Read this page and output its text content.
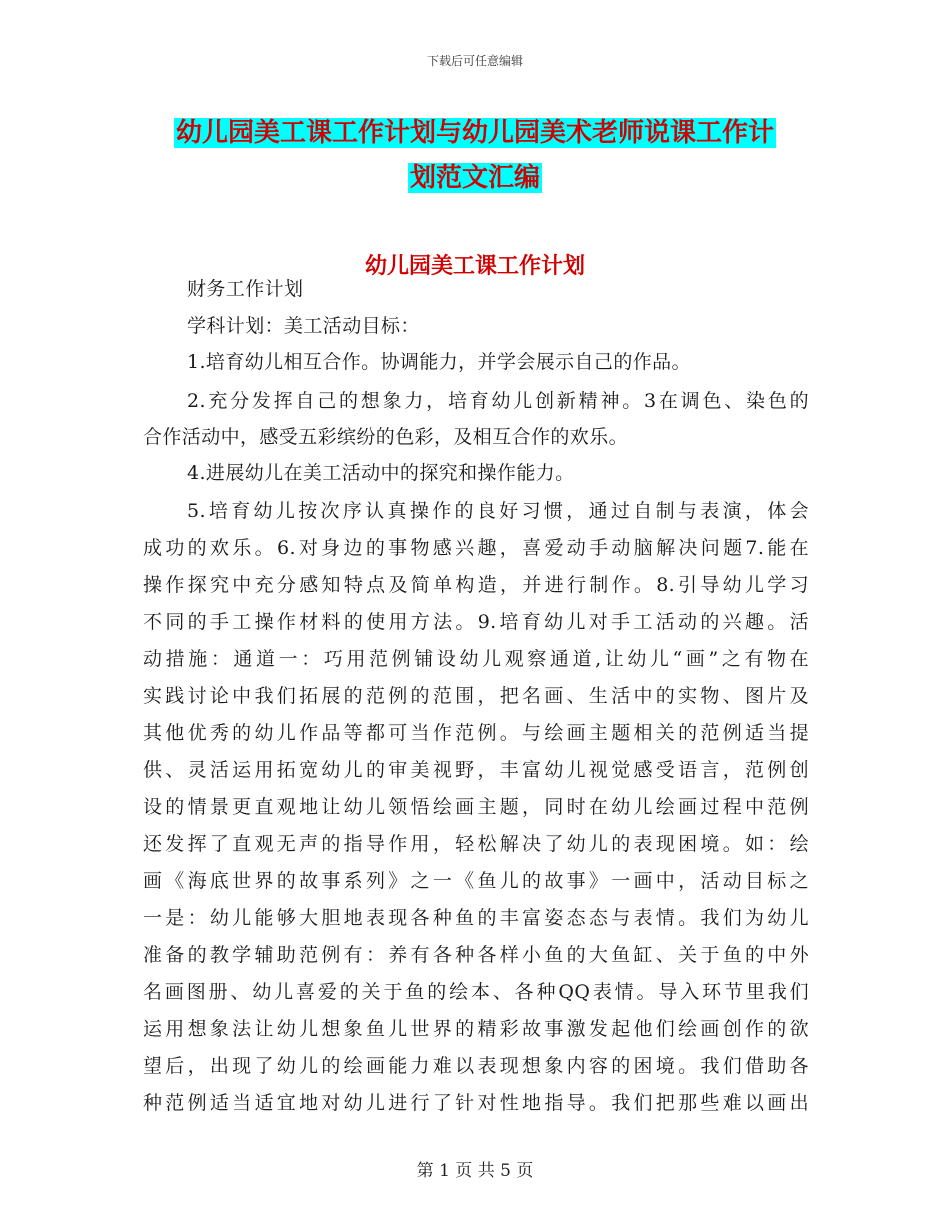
下载后可任意编辑
幼儿园美工课工作计划与幼儿园美术老师说课工作计
划范文汇编
幼儿园美工课工作计划
财务工作计划
学科计划：美工活动目标：
1.培育幼儿相互合作。协调能力，并学会展示自己的作品。
2.充分发挥自己的想象力，培育幼儿创新精神。3在调色、染色的
合作活动中，感受五彩缤纷的色彩，及相互合作的欢乐。
4.进展幼儿在美工活动中的探究和操作能力。
5.培育幼儿按次序认真操作的良好习惯，通过自制与表演，体会
成功的欢乐。6.对身边的事物感兴趣，喜爱动手动脑解决问题7.能在
操作探究中充分感知特点及简单构造，并进行制作。8.引导幼儿学习
不同的手工操作材料的使用方法。9.培育幼儿对手工活动的兴趣。活
动措施：通道一：巧用范例铺设幼儿观察通道,让幼儿“画”之有物在
实践讨论中我们拓展的范例的范围，把名画、生活中的实物、图片及
其他优秀的幼儿作品等都可当作范例。与绘画主题相关的范例适当提
供、灵活运用拓宽幼儿的审美视野，丰富幼儿视觉感受语言，范例创
设的情景更直观地让幼儿领悟绘画主题，同时在幼儿绘画过程中范例
还发挥了直观无声的指导作用，轻松解决了幼儿的表现困境。如：绘
画《海底世界的故事系列》之一《鱼儿的故事》一画中，活动目标之
一是：幼儿能够大胆地表现各种鱼的丰富姿态态与表情。我们为幼儿
准备的教学辅助范例有：养有各种各样小鱼的大鱼缸、关于鱼的中外
名画图册、幼儿喜爱的关于鱼的绘本、各种QQ表情。导入环节里我们
运用想象法让幼儿想象鱼儿世界的精彩故事激发起他们绘画创作的欲
望后，出现了幼儿的绘画能力难以表现想象内容的困境。我们借助各
种范例适当适宜地对幼儿进行了针对性地指导。我们把那些难以画出
第 1 页 共 5 页
